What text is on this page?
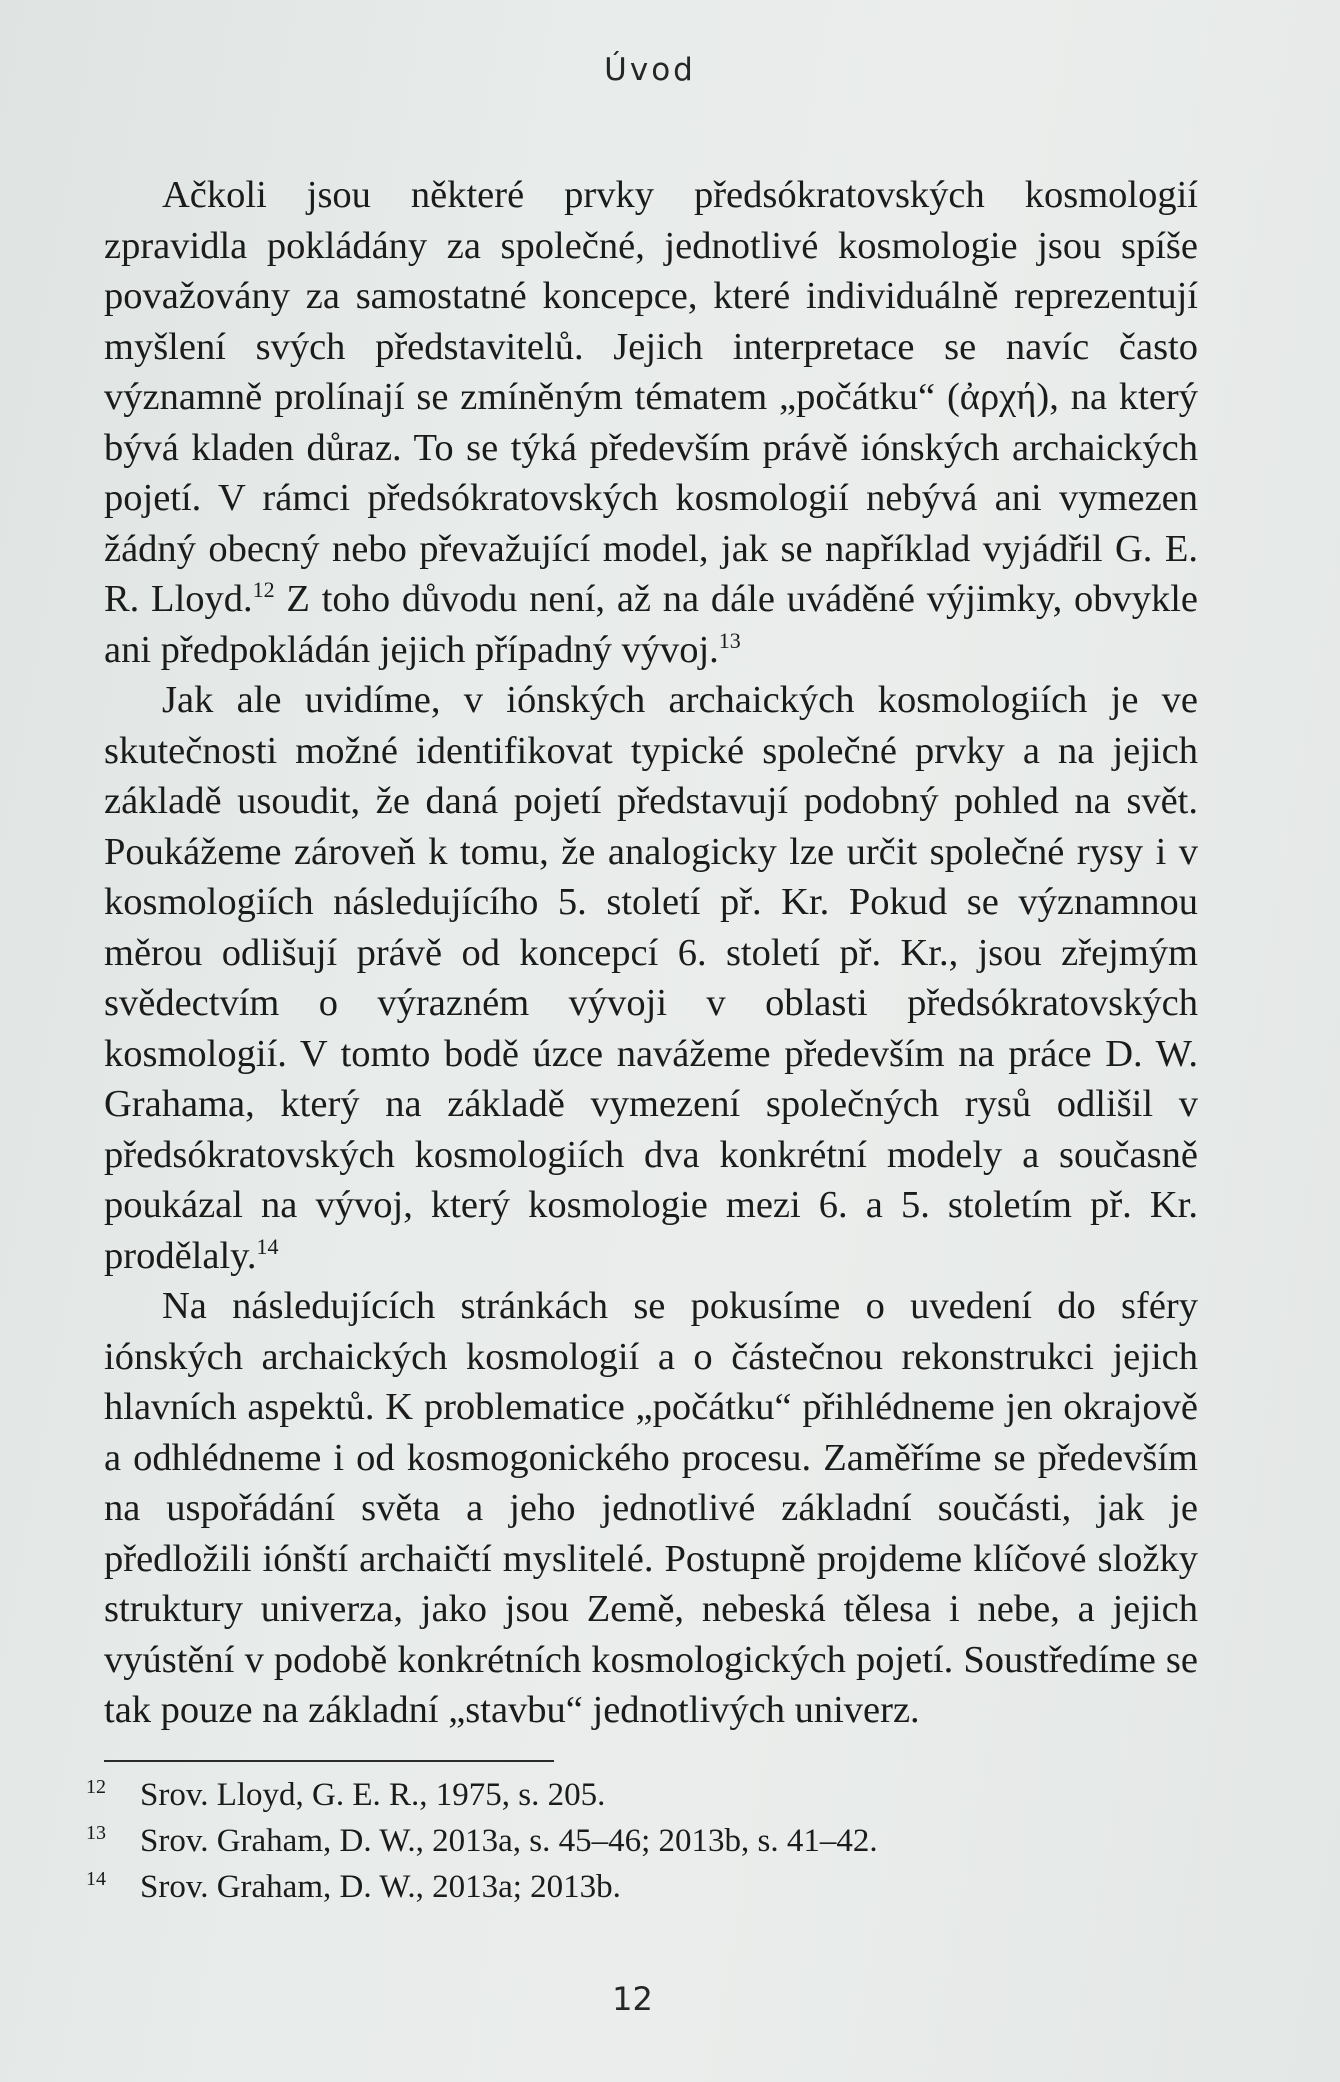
Úvod

Ačkoli jsou některé prvky předsókratovských kosmologií zpravidla pokládány za společné, jednotlivé kosmologie jsou spíše považovány za samostatné koncepce, které individuálně reprezentují myšlení svých představitelů. Jejich interpretace se navíc často významně prolínají se zmíněným tématem „počátku“ (ἀρχή), na který bývá kladen důraz. To se týká především právě iónských archaických pojetí. V rámci předsókratovských kosmologií nebývá ani vymezen žádný obecný nebo převažující model, jak se například vyjádřil G. E. R. Lloyd.$^{12}$ Z toho důvodu není, až na dále uváděné výjimky, obvykle ani předpokládán jejich případný vývoj.$^{13}$

Jak ale uvidíme, v iónských archaických kosmologiích je ve skutečnosti možné identifikovat typické společné prvky a na jejich základě usoudit, že daná pojetí představují podobný pohled na svět. Poukážeme zároveň k tomu, že analogicky lze určit společné rysy i v kosmologiích následujícího 5. století př. Kr. Pokud se významnou měrou odlišují právě od koncepcí 6. století př. Kr., jsou zřejmým svědectvím o výrazném vývoji v oblasti předsókratovských kosmologií. V tomto bodě úzce navážeme především na práce D. W. Grahama, který na základě vymezení společných rysů odlišil v předsókratovských kosmologiích dva konkrétní modely a současně poukázal na vývoj, který kosmologie mezi 6. a 5. stoletím př. Kr. prodělaly.$^{14}$

Na následujících stránkách se pokusíme o uvedení do sféry iónských archaických kosmologií a o částečnou rekonstrukci jejich hlavních aspektů. K problematice „počátku“ přihlédneme jen okrajově a odhlédneme i od kosmogonického procesu. Zaměříme se především na uspořádání světa a jeho jednotlivé základní součásti, jak je předložili iónští archaičtí myslitelé. Postupně projdeme klíčové složky struktury univerza, jako jsou Země, nebeská tělesa i nebe, a jejich vyústění v podobě konkrétních kosmologických pojetí. Soustředíme se tak pouze na základní „stavbu“ jednotlivých univerz.

12	Srov. Lloyd, G. E. R., 1975, s. 205.
13	Srov. Graham, D. W., 2013a, s. 45–46; 2013b, s. 41–42.
14	Srov. Graham, D. W., 2013a; 2013b.
12
